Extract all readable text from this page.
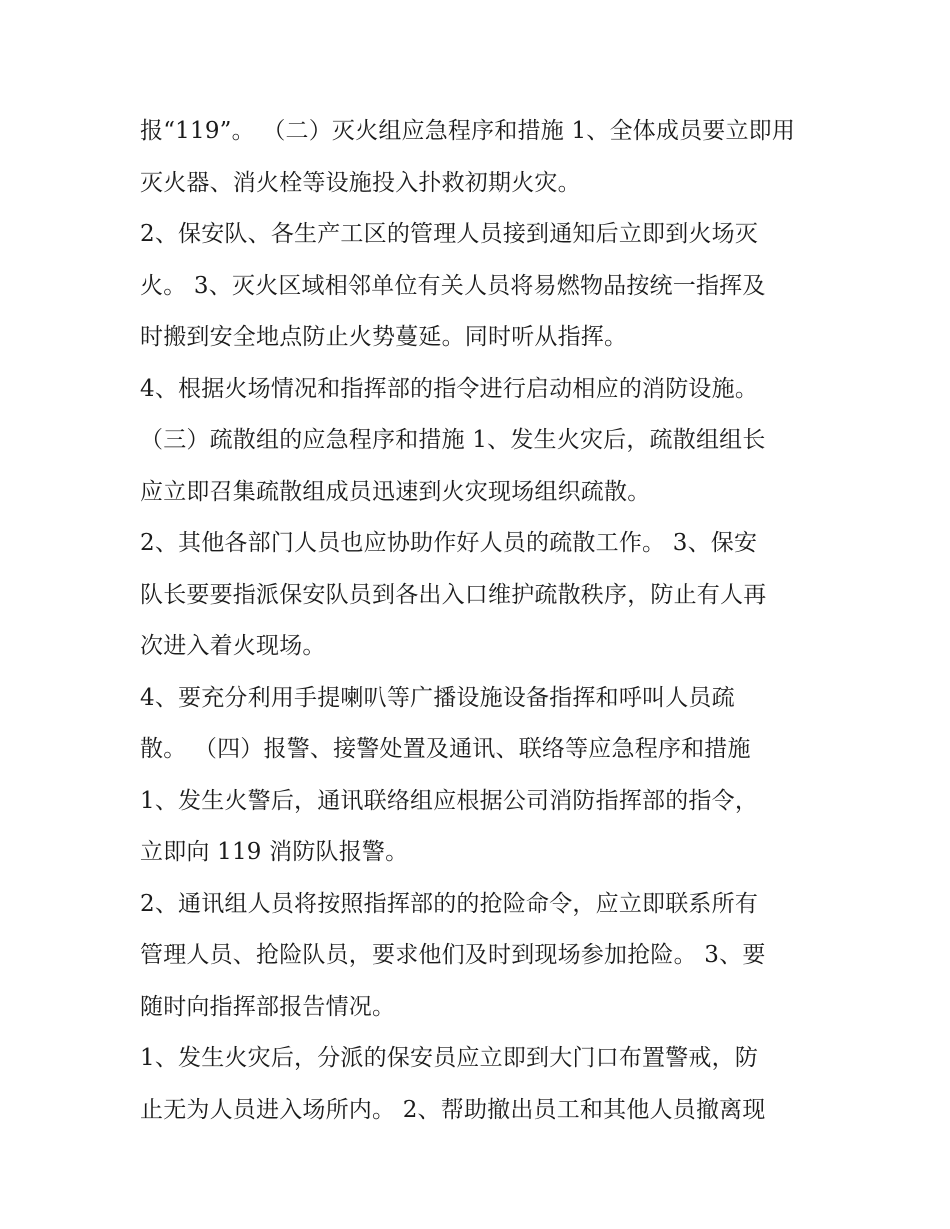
报“119”。 （二）灭火组应急程序和措施 1、全体成员要立即用
灭火器、消火栓等设施投入扑救初期火灾。
2、保安队、各生产工区的管理人员接到通知后立即到火场灭
火。 3、灭火区域相邻单位有关人员将易燃物品按统一指挥及
时搬到安全地点防止火势蔓延。同时听从指挥。
4、根据火场情况和指挥部的指令进行启动相应的消防设施。
（三）疏散组的应急程序和措施 1、发生火灾后，疏散组组长
应立即召集疏散组成员迅速到火灾现场组织疏散。
2、其他各部门人员也应协助作好人员的疏散工作。 3、保安
队长要要指派保安队员到各出入口维护疏散秩序，防止有人再
次进入着火现场。
4、要充分利用手提喇叭等广播设施设备指挥和呼叫人员疏
散。 （四）报警、接警处置及通讯、联络等应急程序和措施
1、发生火警后，通讯联络组应根据公司消防指挥部的指令，
立即向 119 消防队报警。
2、通讯组人员将按照指挥部的的抢险命令，应立即联系所有
管理人员、抢险队员，要求他们及时到现场参加抢险。 3、要
随时向指挥部报告情况。
1、发生火灾后，分派的保安员应立即到大门口布置警戒，防
止无为人员进入场所内。 2、帮助撤出员工和其他人员撤离现
